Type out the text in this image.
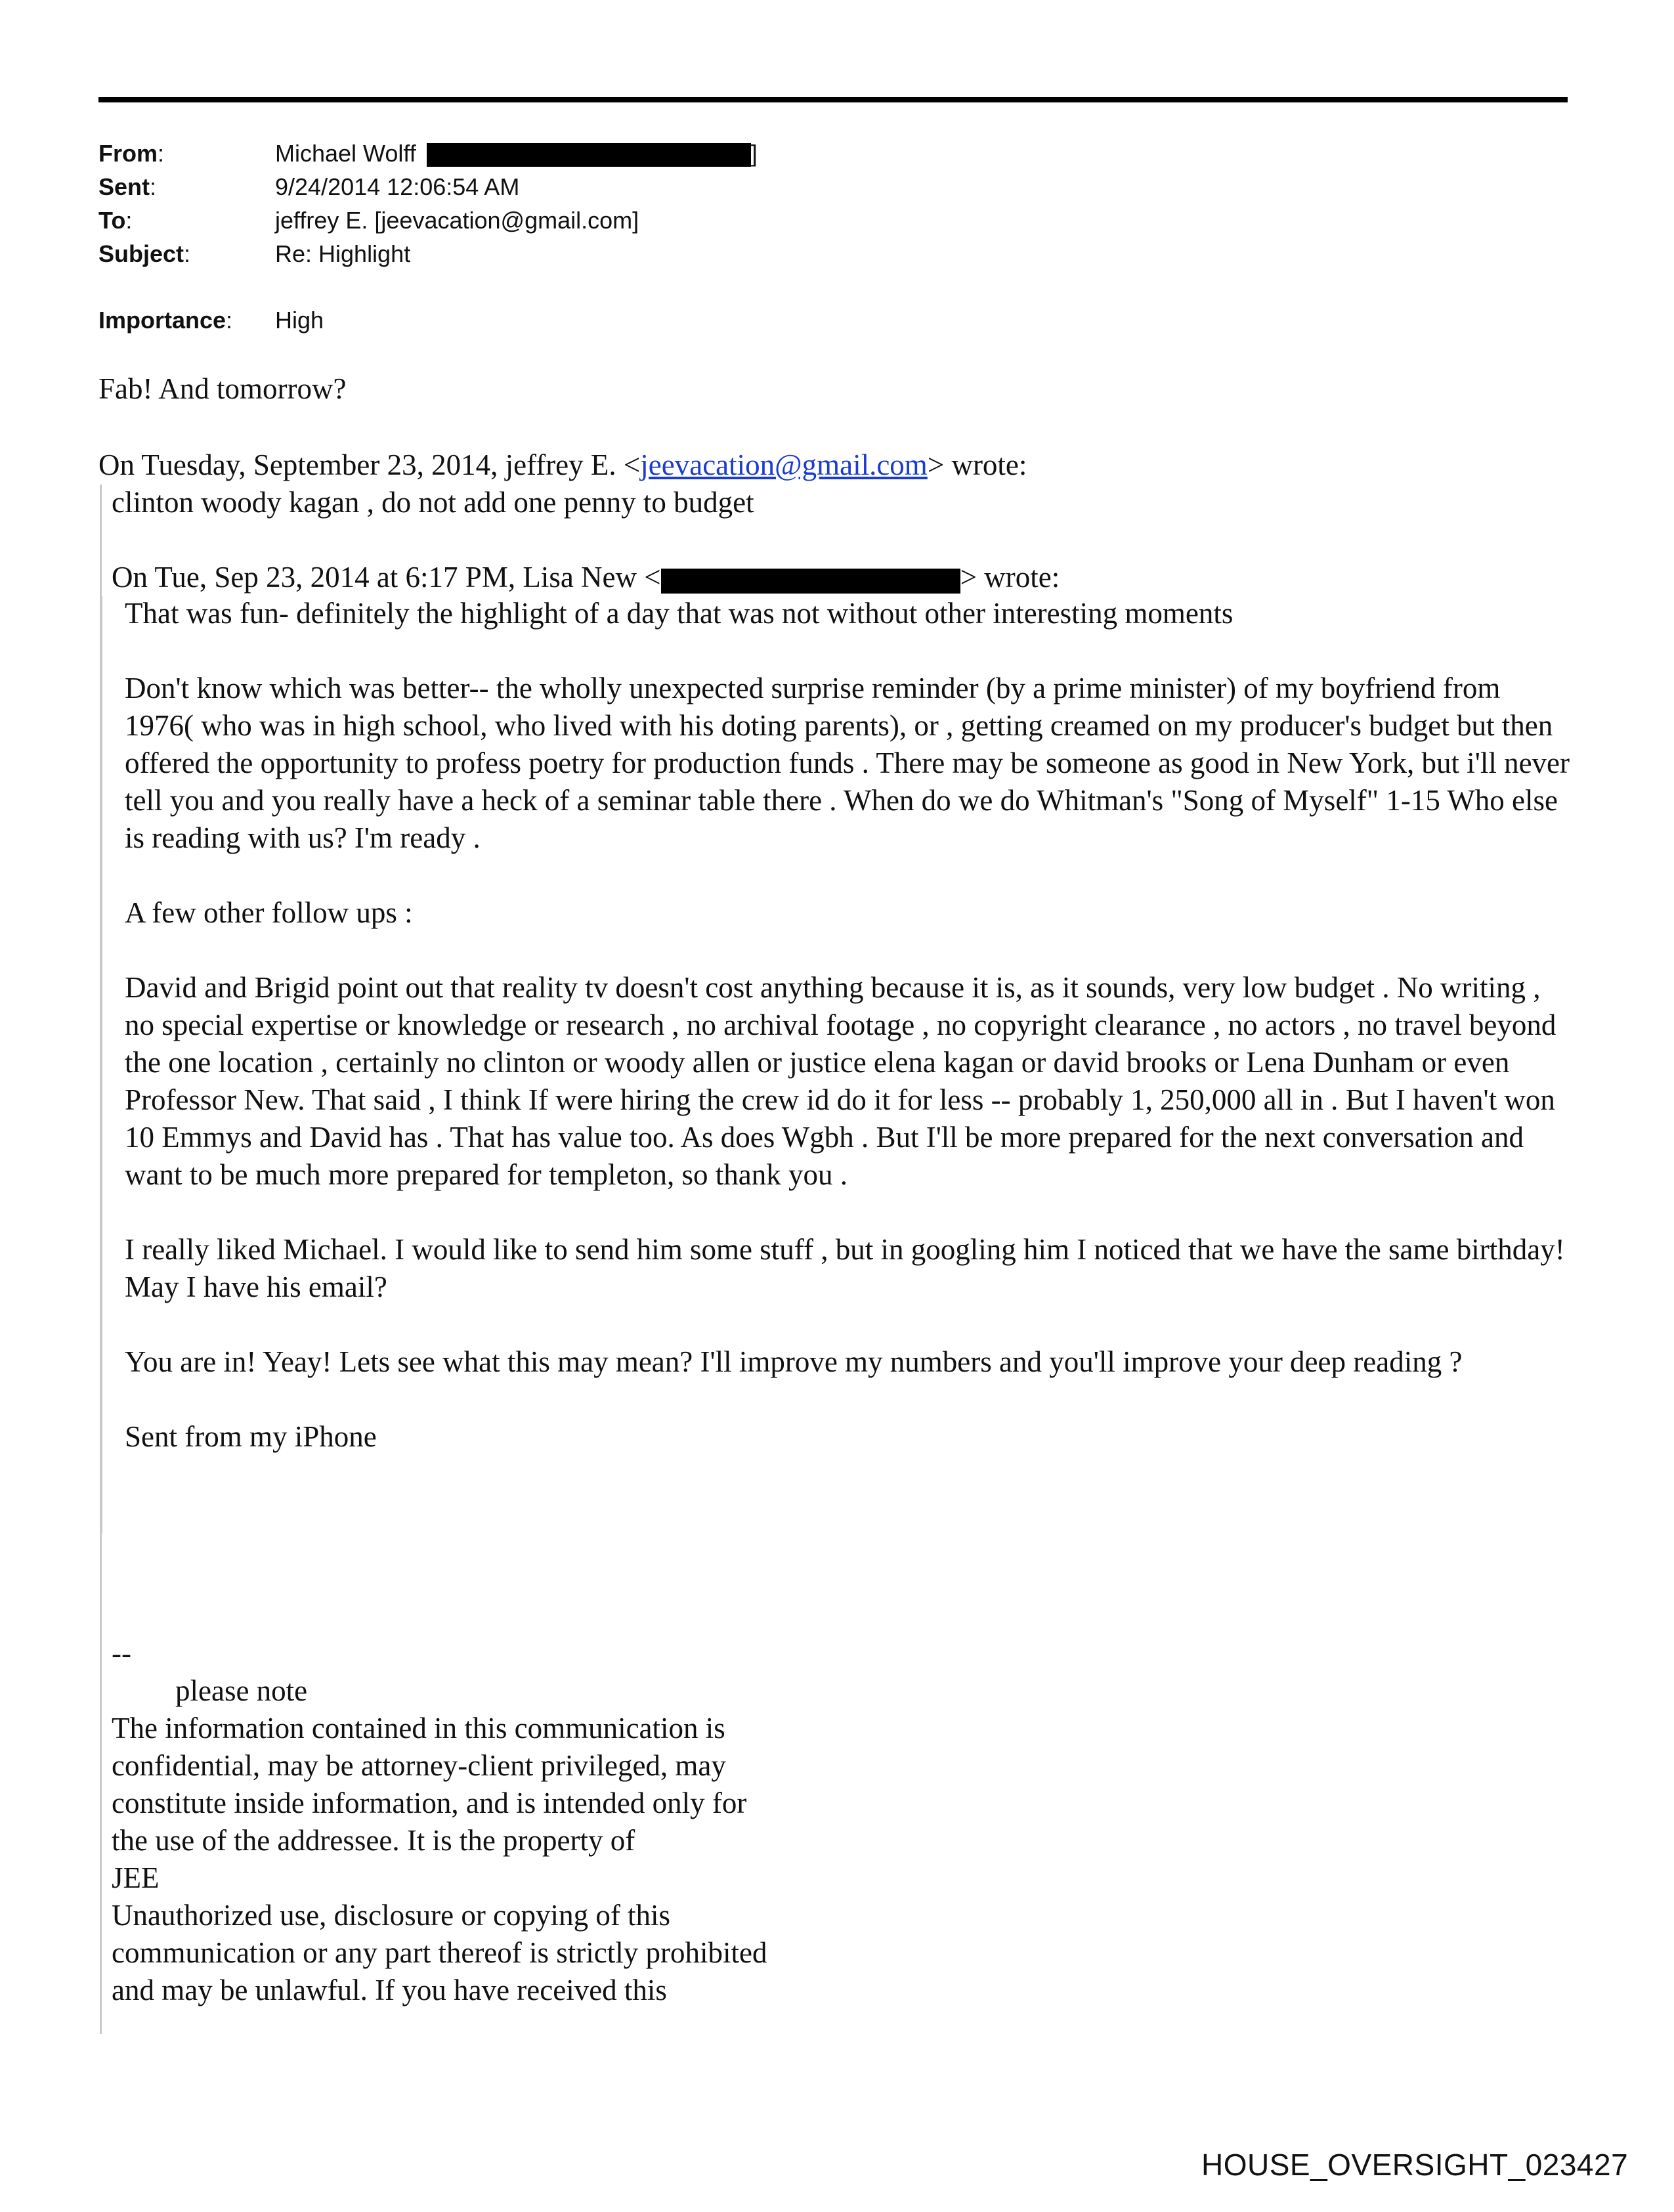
From:	Michael Wolff	]
Sent:	9/24/2014 12:06:54 AM
To:	jeffrey E. [jeevacation@gmail.com]
Subject:	Re: Highlight
Importance:	High
Fab! And tomorrow?
On Tuesday, September 23, 2014, jeffrey E. <jeevacation@gmail.com> wrote:
clinton woody kagan , do not add one penny to budget
On Tue, Sep 23, 2014 at 6:17 PM, Lisa New <	> wrote:

That was fun- definitely the highlight of a day that was not without other interesting moments

Don't know which was better-- the wholly unexpected surprise reminder (by a prime minister) of my boyfriend from 1976( who was in high school, who lived with his doting parents), or , getting creamed on my producer's budget but then offered the opportunity to profess poetry for production funds . There may be someone as good in New York, but i'll never tell you and you really have a heck of a seminar table there . When do we do Whitman's "Song of Myself" 1-15 Who else is reading with us? I'm ready .

A few other follow ups :

David and Brigid point out that reality tv doesn't cost anything because it is, as it sounds, very low budget . No writing , no special expertise or knowledge or research , no archival footage , no copyright clearance , no actors , no travel beyond the one location , certainly no clinton or woody allen or justice elena kagan or david brooks or Lena Dunham or even Professor New. That said , I think If were hiring the crew id do it for less -- probably 1, 250,000 all in . But I haven't won 10 Emmys and David has . That has value too. As does Wgbh . But I'll be more prepared for the next conversation and want to be much more prepared for templeton, so thank you .

I really liked Michael. I would like to send him some stuff , but in googling him I noticed that we have the same birthday! May I have his email?

You are in! Yeay! Lets see what this may mean? I'll improve my numbers and you'll improve your deep reading ?

Sent from my iPhone

--
please note
The information contained in this communication is
confidential, may be attorney-client privileged, may
constitute inside information, and is intended only for
the use of the addressee. It is the property of
JEE
Unauthorized use, disclosure or copying of this
communication or any part thereof is strictly prohibited
and may be unlawful. If you have received this
HOUSE_OVERSIGHT_023427
